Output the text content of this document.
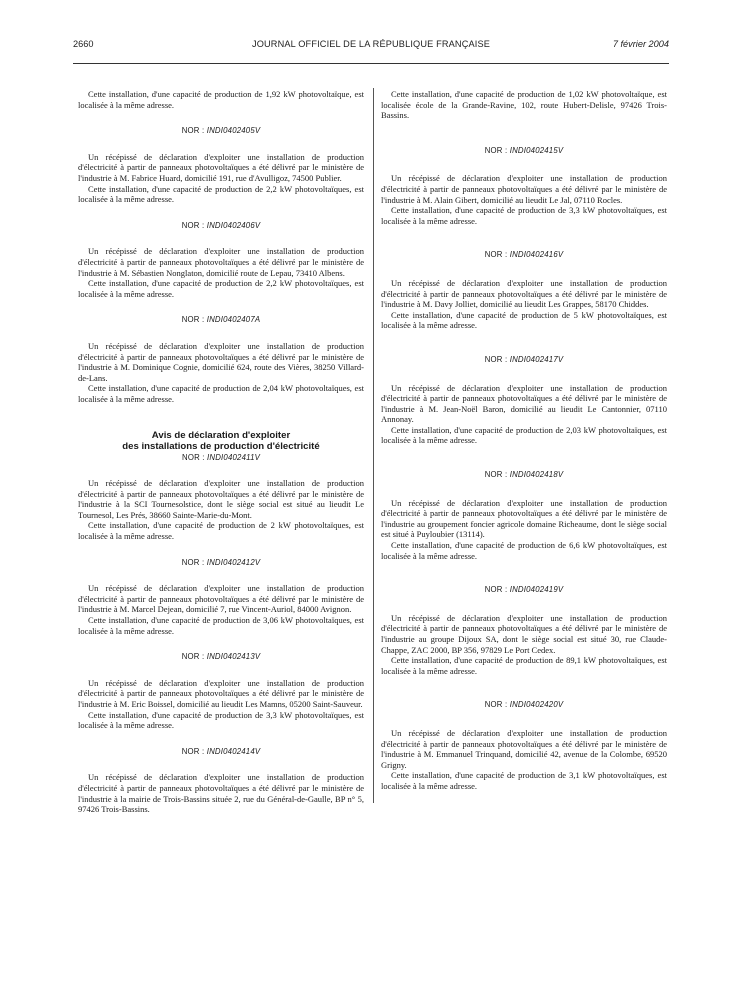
2660	JOURNAL OFFICIEL DE LA RÉPUBLIQUE FRANÇAISE	7 février 2004

Cette installation, d'une capacité de production de 1,92 kW photovoltaïque, est localisée à la même adresse.

NOR : INDI0402405V

Un récépissé de déclaration d'exploiter une installation de production d'électricité à partir de panneaux photovoltaïques a été délivré par le ministère de l'industrie à M. Fabrice Huard, domicilié 191, rue d'Avulligoz, 74500 Publier.

Cette installation, d'une capacité de production de 2,2 kW photovoltaïques, est localisée à la même adresse.

NOR : INDI0402406V

Un récépissé de déclaration d'exploiter une installation de production d'électricité à partir de panneaux photovoltaïques a été délivré par le ministère de l'industrie à M. Sébastien Nonglaton, domicilié route de Lepau, 73410 Albens.

Cette installation, d'une capacité de production de 2,2 kW photovoltaïques, est localisée à la même adresse.

NOR : INDI0402407A

Un récépissé de déclaration d'exploiter une installation de production d'électricité à partir de panneaux photovoltaïques a été délivré par le ministère de l'industrie à M. Dominique Cognie, domicilié 624, route des Vières, 38250 Villard-de-Lans.

Cette installation, d'une capacité de production de 2,04 kW photovoltaïques, est localisée à la même adresse.

Avis de déclaration d'exploiter

des installations de production d'électricité

NOR : INDI0402411V

Un récépissé de déclaration d'exploiter une installation de production d'électricité à partir de panneaux photovoltaïques a été délivré par le ministère de l'industrie à la SCI Tournesolstice, dont le siège social est situé au lieudit Le Tournesol, Les Prés, 38660 Sainte-Marie-du-Mont.

Cette installation, d'une capacité de production de 2 kW photovoltaïques, est localisée à la même adresse.

NOR : INDI0402412V

Un récépissé de déclaration d'exploiter une installation de production d'électricité à partir de panneaux photovoltaïques a été délivré par le ministère de l'industrie à M. Marcel Dejean, domicilié 7, rue Vincent-Auriol, 84000 Avignon.

Cette installation, d'une capacité de production de 3,06 kW photovoltaïques, est localisée à la même adresse.

NOR : INDI0402413V

Un récépissé de déclaration d'exploiter une installation de production d'électricité à partir de panneaux photovoltaïques a été délivré par le ministère de l'industrie à M. Eric Boissel, domicilié au lieudit Les Mamns, 05200 Saint-Sauveur.

Cette installation, d'une capacité de production de 3,3 kW photovoltaïques, est localisée à la même adresse.

NOR : INDI0402414V

Un récépissé de déclaration d'exploiter une installation de production d'électricité à partir de panneaux photovoltaïques a été délivré par le ministère de l'industrie à la mairie de Trois-Bassins située 2, rue du Général-de-Gaulle, BP n° 5, 97426 Trois-Bassins.

Cette installation, d'une capacité de production de 1,02 kW photovoltaïque, est localisée école de la Grande-Ravine, 102, route Hubert-Delisle, 97426 Trois-Bassins.

NOR : INDI0402415V

Un récépissé de déclaration d'exploiter une installation de production d'électricité à partir de panneaux photovoltaïques a été délivré par le ministère de l'industrie à M. Alain Gibert, domicilié au lieudit Le Jal, 07110 Rocles.

Cette installation, d'une capacité de production de 3,3 kW photovoltaïques, est localisée à la même adresse.

NOR : INDI0402416V

Un récépissé de déclaration d'exploiter une installation de production d'électricité à partir de panneaux photovoltaïques a été délivré par le ministère de l'industrie à M. Davy Jolliet, domicilié au lieudit Les Grappes, 58170 Chiddes.

Cette installation, d'une capacité de production de 5 kW photovoltaïques, est localisée à la même adresse.

NOR : INDI0402417V

Un récépissé de déclaration d'exploiter une installation de production d'électricité à partir de panneaux photovoltaïques a été délivré par le ministère de l'industrie à M. Jean-Noël Baron, domicilié au lieudit Le Cantonnier, 07110 Annonay.

Cette installation, d'une capacité de production de 2,03 kW photovoltaïques, est localisée à la même adresse.

NOR : INDI0402418V

Un récépissé de déclaration d'exploiter une installation de production d'électricité à partir de panneaux photovoltaïques a été délivré par le ministère de l'industrie au groupement foncier agricole domaine Richeaume, dont le siège social est situé à Puyloubier (13114).

Cette installation, d'une capacité de production de 6,6 kW photovoltaïques, est localisée à la même adresse.

NOR : INDI0402419V

Un récépissé de déclaration d'exploiter une installation de production d'électricité à partir de panneaux photovoltaïques a été délivré par le ministère de l'industrie au groupe Dijoux SA, dont le siège social est situé 30, rue Claude-Chappe, ZAC 2000, BP 356, 97829 Le Port Cedex.

Cette installation, d'une capacité de production de 89,1 kW photovoltaïques, est localisée à la même adresse.

NOR : INDI0402420V

Un récépissé de déclaration d'exploiter une installation de production d'électricité à partir de panneaux photovoltaïques a été délivré par le ministère de l'industrie à M. Emmanuel Trinquand, domicilié 42, avenue de la Colombe, 69520 Grigny.

Cette installation, d'une capacité de production de 3,1 kW photovoltaïques, est localisée à la même adresse.
